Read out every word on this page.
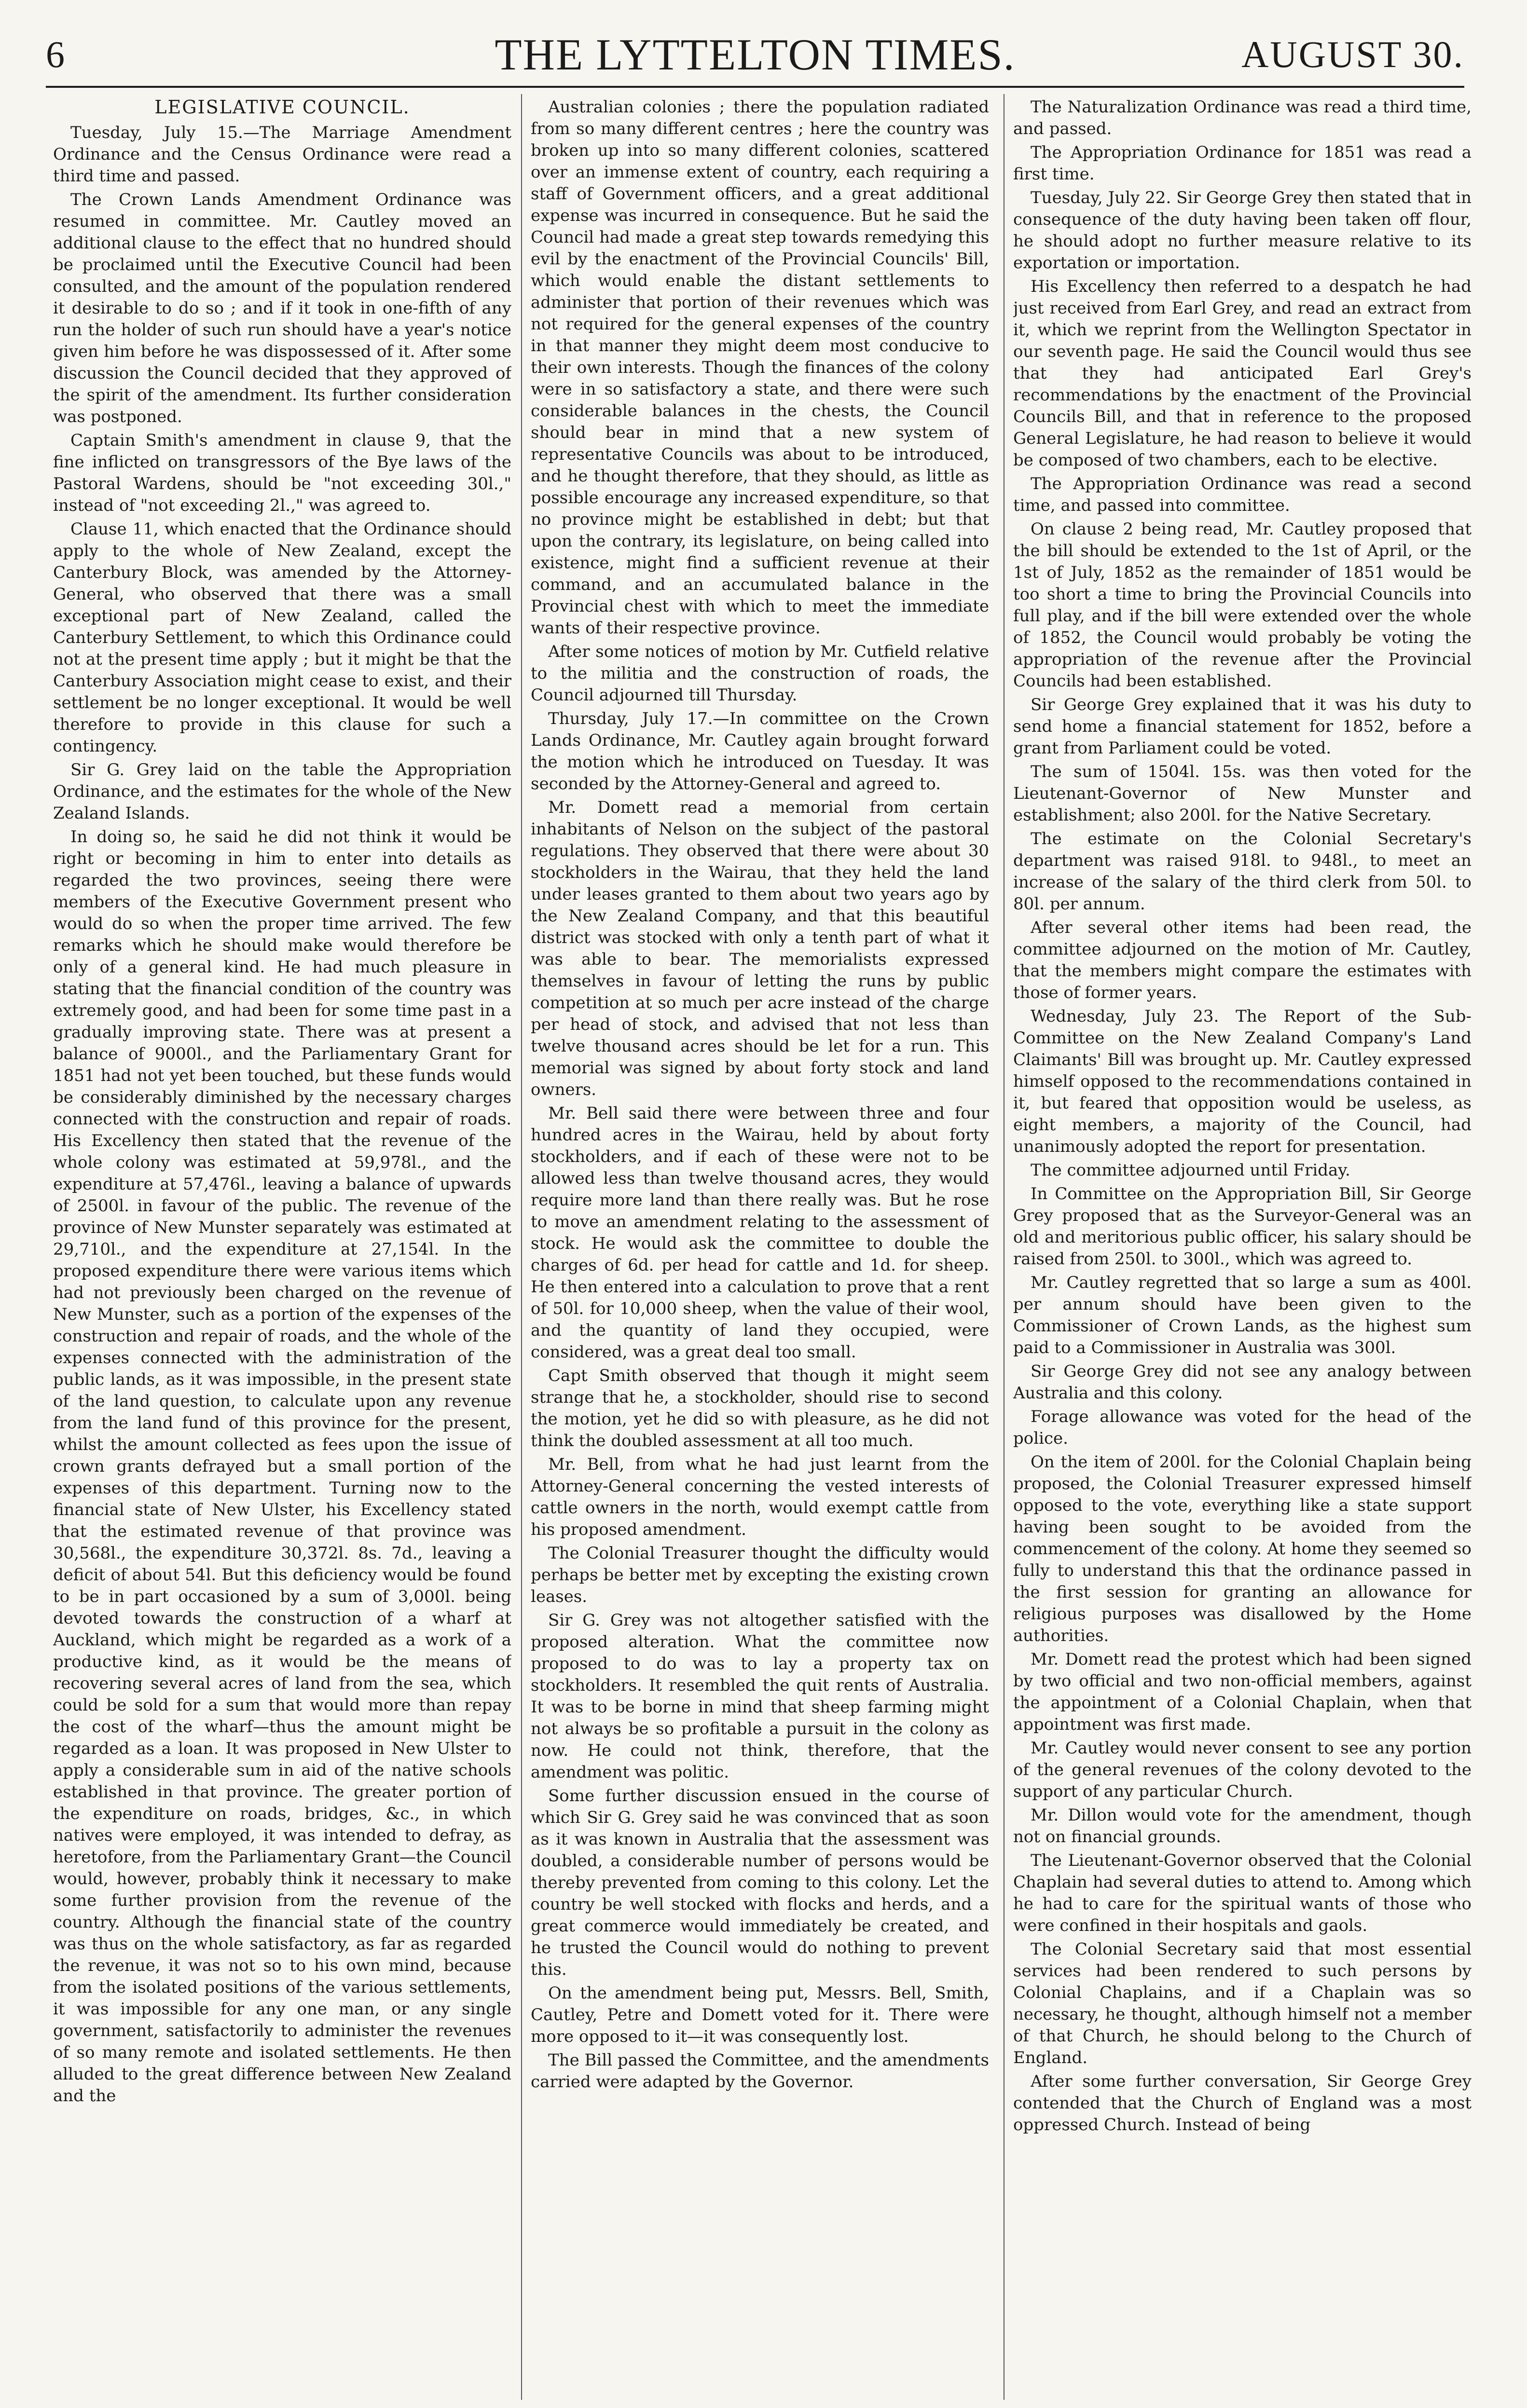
6	THE LYTTELTON TIMES.	AUGUST 30.
LEGISLATIVE COUNCIL.

Tuesday, July 15.—The Marriage Amendment Ordinance and the Census Ordinance were read a third time and passed.

The Crown Lands Amendment Ordinance was resumed in committee. Mr. Cautley moved an additional clause to the effect that no hundred should be proclaimed until the Executive Council had been consulted, and the amount of the population rendered it desirable to do so ; and if it took in one-fifth of any run the holder of such run should have a year's notice given him before he was dispossessed of it. After some discussion the Council decided that they approved of the spirit of the amendment. Its further consideration was postponed.

Captain Smith's amendment in clause 9, that the fine inflicted on transgressors of the Bye laws of the Pastoral Wardens, should be "not exceeding 30l.," instead of "not exceeding 2l.," was agreed to.

Clause 11, which enacted that the Ordinance should apply to the whole of New Zealand, except the Canterbury Block, was amended by the Attorney-General, who observed that there was a small exceptional part of New Zealand, called the Canterbury Settlement, to which this Ordinance could not at the present time apply ; but it might be that the Canterbury Association might cease to exist, and their settlement be no longer exceptional. It would be well therefore to provide in this clause for such a contingency.

Sir G. Grey laid on the table the Appropriation Ordinance, and the estimates for the whole of the New Zealand Islands.

In doing so, he said he did not think it would be right or becoming in him to enter into details as regarded the two provinces, seeing there were members of the Executive Government present who would do so when the proper time arrived. The few remarks which he should make would therefore be only of a general kind. He had much pleasure in stating that the financial condition of the country was extremely good, and had been for some time past in a gradually improving state. There was at present a balance of 9000l., and the Parliamentary Grant for 1851 had not yet been touched, but these funds would be considerably diminished by the necessary charges connected with the construction and repair of roads. His Excellency then stated that the revenue of the whole colony was estimated at 59,978l., and the expenditure at 57,476l., leaving a balance of upwards of 2500l. in favour of the public. The revenue of the province of New Munster separately was estimated at 29,710l., and the expenditure at 27,154l. In the proposed expenditure there were various items which had not previously been charged on the revenue of New Munster, such as a portion of the expenses of the construction and repair of roads, and the whole of the expenses connected with the administration of the public lands, as it was impossible, in the present state of the land question, to calculate upon any revenue from the land fund of this province for the present, whilst the amount collected as fees upon the issue of crown grants defrayed but a small portion of the expenses of this department. Turning now to the financial state of New Ulster, his Excellency stated that the estimated revenue of that province was 30,568l., the expenditure 30,372l. 8s. 7d., leaving a deficit of about 54l. But this deficiency would be found to be in part occasioned by a sum of 3,000l. being devoted towards the construction of a wharf at Auckland, which might be regarded as a work of a productive kind, as it would be the means of recovering several acres of land from the sea, which could be sold for a sum that would more than repay the cost of the wharf—thus the amount might be regarded as a loan. It was proposed in New Ulster to apply a considerable sum in aid of the native schools established in that province. The greater portion of the expenditure on roads, bridges, &c., in which natives were employed, it was intended to defray, as heretofore, from the Parliamentary Grant—the Council would, however, probably think it necessary to make some further provision from the revenue of the country. Although the financial state of the country was thus on the whole satisfactory, as far as regarded the revenue, it was not so to his own mind, because from the isolated positions of the various settlements, it was impossible for any one man, or any single government, satisfactorily to administer the revenues of so many remote and isolated settlements. He then alluded to the great difference between New Zealand and the

Australian colonies ; there the population radiated from so many different centres ; here the country was broken up into so many different colonies, scattered over an immense extent of country, each requiring a staff of Government officers, and a great additional expense was incurred in consequence. But he said the Council had made a great step towards remedying this evil by the enactment of the Provincial Councils' Bill, which would enable the distant settlements to administer that portion of their revenues which was not required for the general expenses of the country in that manner they might deem most conducive to their own interests. Though the finances of the colony were in so satisfactory a state, and there were such considerable balances in the chests, the Council should bear in mind that a new system of representative Councils was about to be introduced, and he thought therefore, that they should, as little as possible encourage any increased expenditure, so that no province might be established in debt; but that upon the contrary, its legislature, on being called into existence, might find a sufficient revenue at their command, and an accumulated balance in the Provincial chest with which to meet the immediate wants of their respective province.

After some notices of motion by Mr. Cutfield relative to the militia and the construction of roads, the Council adjourned till Thursday.

Thursday, July 17.—In committee on the Crown Lands Ordinance, Mr. Cautley again brought forward the motion which he introduced on Tuesday. It was seconded by the Attorney-General and agreed to.

Mr. Domett read a memorial from certain inhabitants of Nelson on the subject of the pastoral regulations. They observed that there were about 30 stockholders in the Wairau, that they held the land under leases granted to them about two years ago by the New Zealand Company, and that this beautiful district was stocked with only a tenth part of what it was able to bear. The memorialists expressed themselves in favour of letting the runs by public competition at so much per acre instead of the charge per head of stock, and advised that not less than twelve thousand acres should be let for a run. This memorial was signed by about forty stock and land owners.

Mr. Bell said there were between three and four hundred acres in the Wairau, held by about forty stockholders, and if each of these were not to be allowed less than twelve thousand acres, they would require more land than there really was. But he rose to move an amendment relating to the assessment of stock. He would ask the committee to double the charges of 6d. per head for cattle and 1d. for sheep. He then entered into a calculation to prove that a rent of 50l. for 10,000 sheep, when the value of their wool, and the quantity of land they occupied, were considered, was a great deal too small.

Capt Smith observed that though it might seem strange that he, a stockholder, should rise to second the motion, yet he did so with pleasure, as he did not think the doubled assessment at all too much.

Mr. Bell, from what he had just learnt from the Attorney-General concerning the vested interests of cattle owners in the north, would exempt cattle from his proposed amendment.

The Colonial Treasurer thought the difficulty would perhaps be better met by excepting the existing crown leases.

Sir G. Grey was not altogether satisfied with the proposed alteration. What the committee now proposed to do was to lay a property tax on stockholders. It resembled the quit rents of Australia. It was to be borne in mind that sheep farming might not always be so profitable a pursuit in the colony as now. He could not think, therefore, that the amendment was politic.

Some further discussion ensued in the course of which Sir G. Grey said he was convinced that as soon as it was known in Australia that the assessment was doubled, a considerable number of persons would be thereby prevented from coming to this colony. Let the country be well stocked with flocks and herds, and a great commerce would immediately be created, and he trusted the Council would do nothing to prevent this.

On the amendment being put, Messrs. Bell, Smith, Cautley, Petre and Domett voted for it. There were more opposed to it—it was consequently lost.

The Bill passed the Committee, and the amendments carried were adapted by the Governor.

The Naturalization Ordinance was read a third time, and passed.

The Appropriation Ordinance for 1851 was read a first time.

Tuesday, July 22. Sir George Grey then stated that in consequence of the duty having been taken off flour, he should adopt no further measure relative to its exportation or importation.

His Excellency then referred to a despatch he had just received from Earl Grey, and read an extract from it, which we reprint from the Wellington Spectator in our seventh page. He said the Council would thus see that they had anticipated Earl Grey's recommendations by the enactment of the Provincial Councils Bill, and that in reference to the proposed General Legislature, he had reason to believe it would be composed of two chambers, each to be elective.

The Appropriation Ordinance was read a second time, and passed into committee.

On clause 2 being read, Mr. Cautley proposed that the bill should be extended to the 1st of April, or the 1st of July, 1852 as the remainder of 1851 would be too short a time to bring the Provincial Councils into full play, and if the bill were extended over the whole of 1852, the Council would probably be voting the appropriation of the revenue after the Provincial Councils had been established.

Sir George Grey explained that it was his duty to send home a financial statement for 1852, before a grant from Parliament could be voted.

The sum of 1504l. 15s. was then voted for the Lieutenant-Governor of New Munster and establishment; also 200l. for the Native Secretary.

The estimate on the Colonial Secretary's department was raised 918l. to 948l., to meet an increase of the salary of the third clerk from 50l. to 80l. per annum.

After several other items had been read, the committee adjourned on the motion of Mr. Cautley, that the members might compare the estimates with those of former years.

Wednesday, July 23. The Report of the Sub-Committee on the New Zealand Company's Land Claimants' Bill was brought up. Mr. Cautley expressed himself opposed to the recommendations contained in it, but feared that opposition would be useless, as eight members, a majority of the Council, had unanimously adopted the report for presentation.

The committee adjourned until Friday.

In Committee on the Appropriation Bill, Sir George Grey proposed that as the Surveyor-General was an old and meritorious public officer, his salary should be raised from 250l. to 300l., which was agreed to.

Mr. Cautley regretted that so large a sum as 400l. per annum should have been given to the Commissioner of Crown Lands, as the highest sum paid to a Commissioner in Australia was 300l.

Sir George Grey did not see any analogy between Australia and this colony.

Forage allowance was voted for the head of the police.

On the item of 200l. for the Colonial Chaplain being proposed, the Colonial Treasurer expressed himself opposed to the vote, everything like a state support having been sought to be avoided from the commencement of the colony. At home they seemed so fully to understand this that the ordinance passed in the first session for granting an allowance for religious purposes was disallowed by the Home authorities.

Mr. Domett read the protest which had been signed by two official and two non-official members, against the appointment of a Colonial Chaplain, when that appointment was first made.

Mr. Cautley would never consent to see any portion of the general revenues of the colony devoted to the support of any particular Church.

Mr. Dillon would vote for the amendment, though not on financial grounds.

The Lieutenant-Governor observed that the Colonial Chaplain had several duties to attend to. Among which he had to care for the spiritual wants of those who were confined in their hospitals and gaols.

The Colonial Secretary said that most essential services had been rendered to such persons by Colonial Chaplains, and if a Chaplain was so necessary, he thought, although himself not a member of that Church, he should belong to the Church of England.

After some further conversation, Sir George Grey contended that the Church of England was a most oppressed Church. Instead of being
